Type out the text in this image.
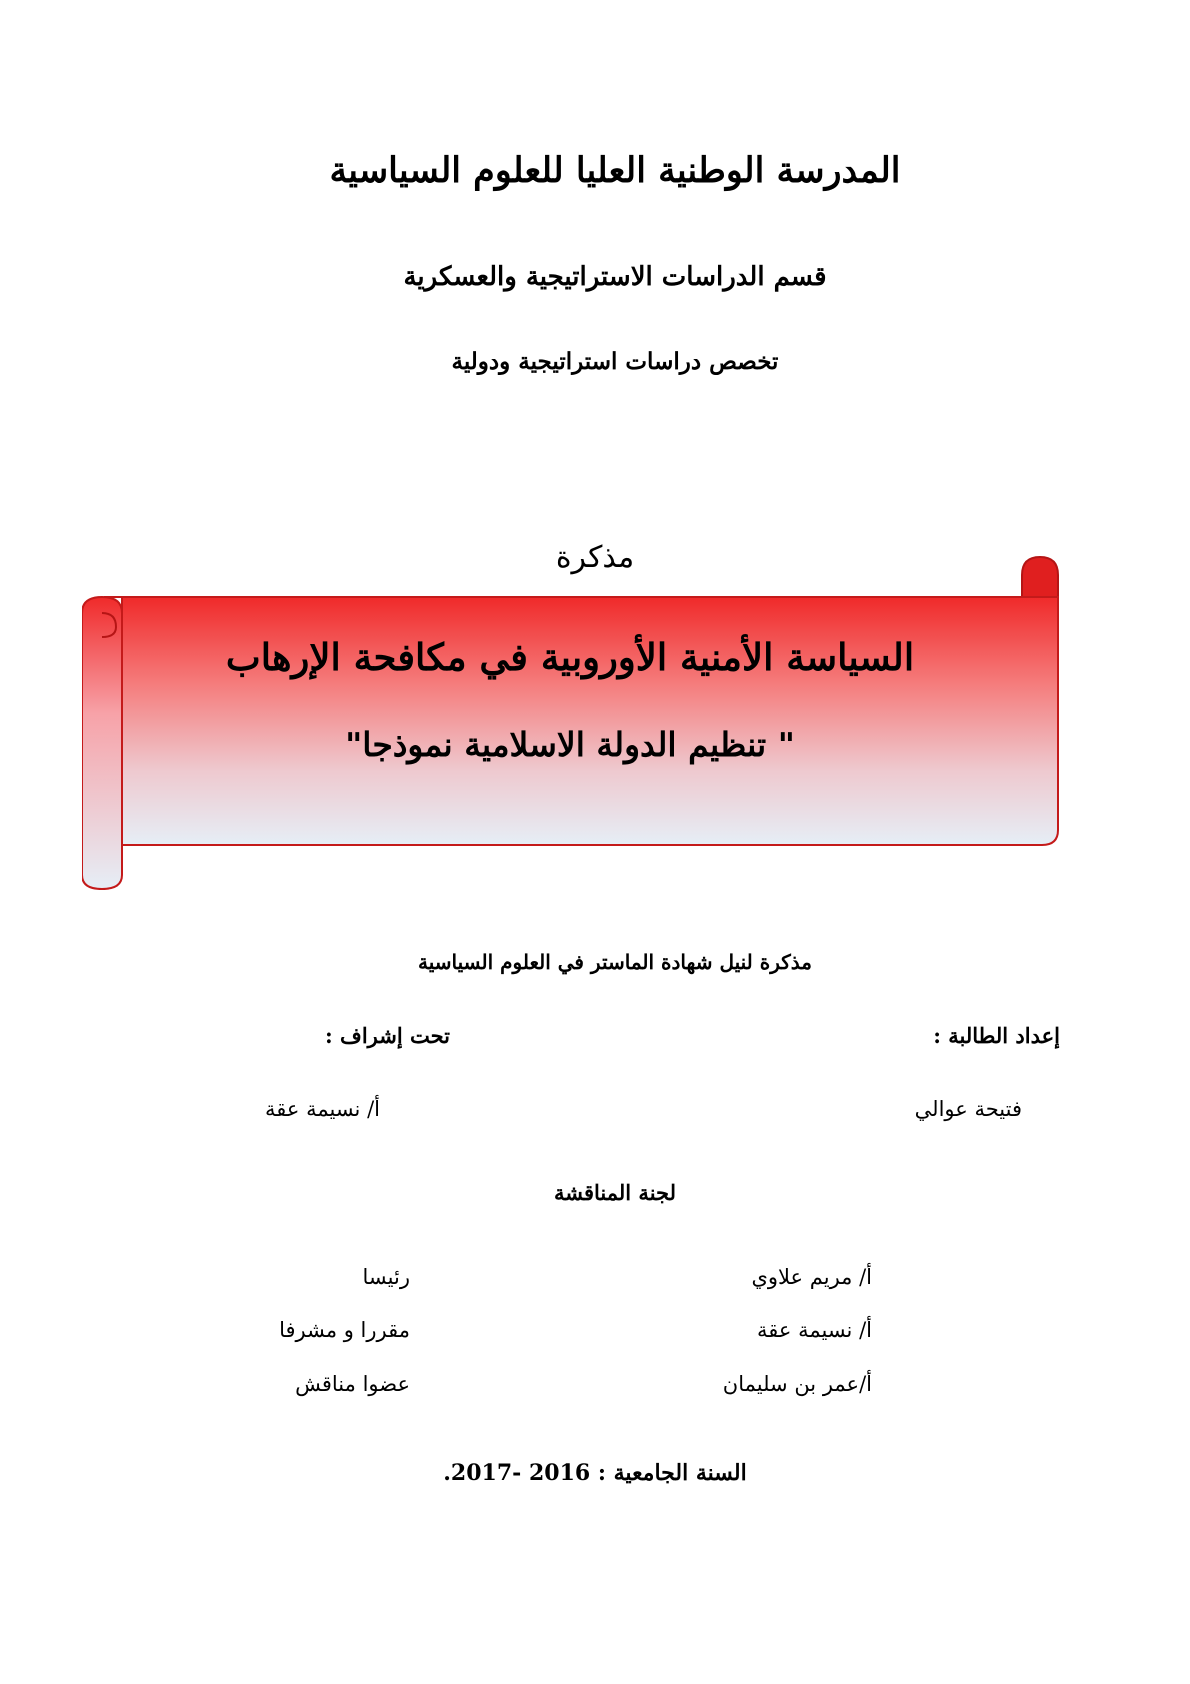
المدرسة الوطنية العليا للعلوم السياسية
قسم الدراسات الاستراتيجية والعسكرية
تخصص دراسات استراتيجية ودولية
مذكرة
السياسة الأمنية الأوروبية في مكافحة الإرهاب
" تنظيم الدولة الاسلامية نموذجا"
مذكرة لنيل شهادة الماستر في العلوم السياسية
إعداد الطالبة :
تحت إشراف :
فتيحة عوالي
أ/ نسيمة عقة
لجنة المناقشة
أ/ مريم علاوي
رئيسا
أ/ نسيمة عقة
مقررا و مشرفا
أ/عمر بن سليمان
عضوا مناقش
السنة الجامعية : 2016 -2017.
